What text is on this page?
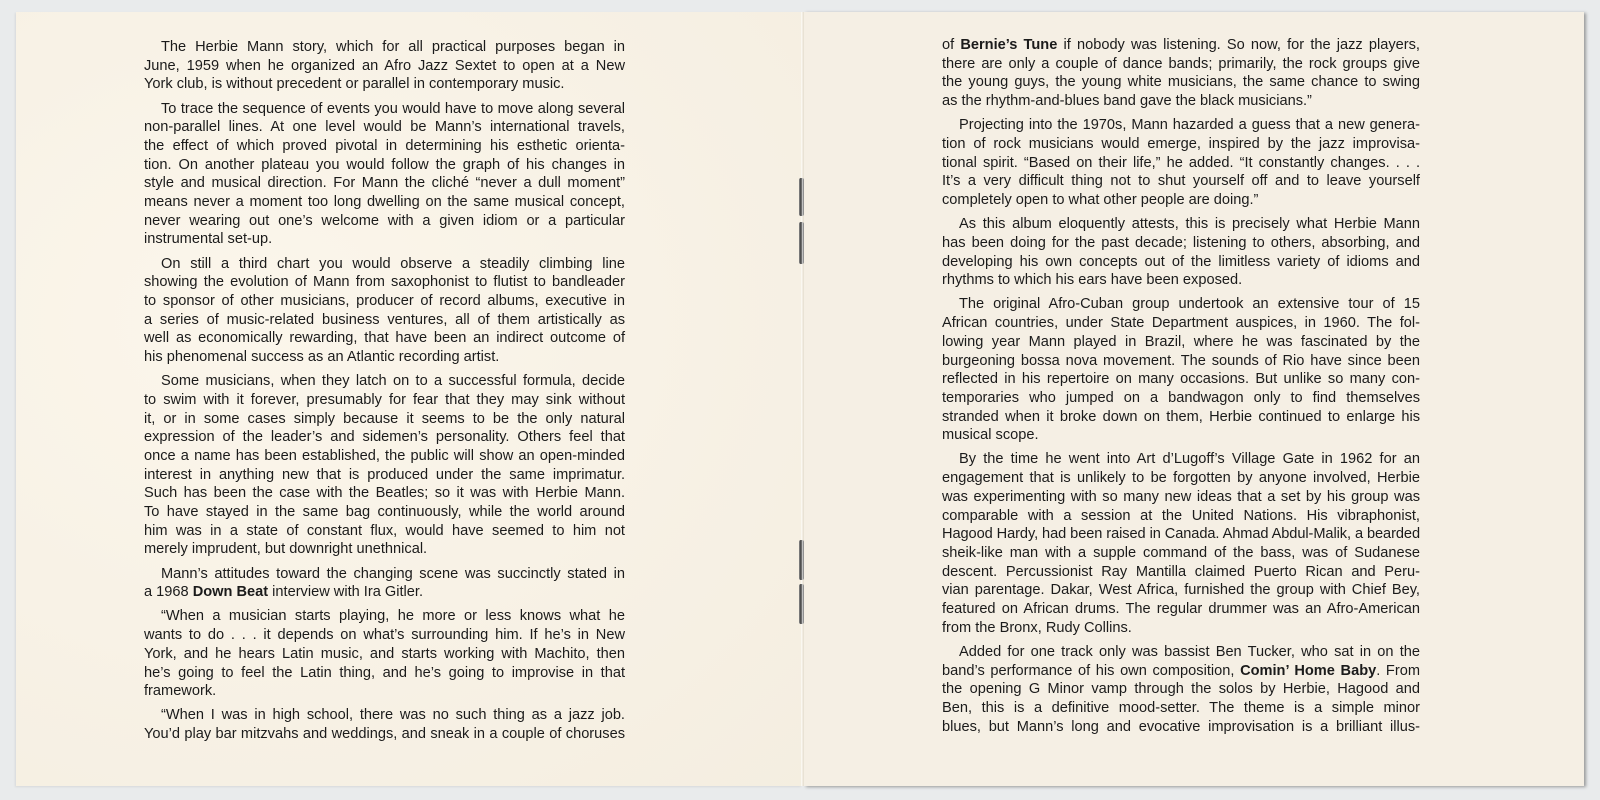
The Herbie Mann story, which for all practical purposes began in
June, 1959 when he organized an Afro Jazz Sextet to open at a New
York club, is without precedent or parallel in contemporary music.
To trace the sequence of events you would have to move along several
non-parallel lines. At one level would be Mann’s international travels,
the effect of which proved pivotal in determining his esthetic orienta-
tion. On another plateau you would follow the graph of his changes in
style and musical direction. For Mann the cliché “never a dull moment”
means never a moment too long dwelling on the same musical concept,
never wearing out one’s welcome with a given idiom or a particular
instrumental set-up.
On still a third chart you would observe a steadily climbing line
showing the evolution of Mann from saxophonist to flutist to bandleader
to sponsor of other musicians, producer of record albums, executive in
a series of music-related business ventures, all of them artistically as
well as economically rewarding, that have been an indirect outcome of
his phenomenal success as an Atlantic recording artist.
Some musicians, when they latch on to a successful formula, decide
to swim with it forever, presumably for fear that they may sink without
it, or in some cases simply because it seems to be the only natural
expression of the leader’s and sidemen’s personality. Others feel that
once a name has been established, the public will show an open-minded
interest in anything new that is produced under the same imprimatur.
Such has been the case with the Beatles; so it was with Herbie Mann.
To have stayed in the same bag continuously, while the world around
him was in a state of constant flux, would have seemed to him not
merely imprudent, but downright unethnical.
Mann’s attitudes toward the changing scene was succinctly stated in
a 1968 Down Beat interview with Ira Gitler.
“When a musician starts playing, he more or less knows what he
wants to do . . . it depends on what’s surrounding him. If he’s in New
York, and he hears Latin music, and starts working with Machito, then
he’s going to feel the Latin thing, and he’s going to improvise in that
framework.
“When I was in high school, there was no such thing as a jazz job.
You’d play bar mitzvahs and weddings, and sneak in a couple of choruses
of Bernie’s Tune if nobody was listening. So now, for the jazz players,
there are only a couple of dance bands; primarily, the rock groups give
the young guys, the young white musicians, the same chance to swing
as the rhythm-and-blues band gave the black musicians.”
Projecting into the 1970s, Mann hazarded a guess that a new genera-
tion of rock musicians would emerge, inspired by the jazz improvisa-
tional spirit. “Based on their life,” he added. “It constantly changes. . . .
It’s a very difficult thing not to shut yourself off and to leave yourself
completely open to what other people are doing.”
As this album eloquently attests, this is precisely what Herbie Mann
has been doing for the past decade; listening to others, absorbing, and
developing his own concepts out of the limitless variety of idioms and
rhythms to which his ears have been exposed.
The original Afro-Cuban group undertook an extensive tour of 15
African countries, under State Department auspices, in 1960. The fol-
lowing year Mann played in Brazil, where he was fascinated by the
burgeoning bossa nova movement. The sounds of Rio have since been
reflected in his repertoire on many occasions. But unlike so many con-
temporaries who jumped on a bandwagon only to find themselves
stranded when it broke down on them, Herbie continued to enlarge his
musical scope.
By the time he went into Art d’Lugoff’s Village Gate in 1962 for an
engagement that is unlikely to be forgotten by anyone involved, Herbie
was experimenting with so many new ideas that a set by his group was
comparable with a session at the United Nations. His vibraphonist,
Hagood Hardy, had been raised in Canada. Ahmad Abdul-Malik, a bearded
sheik-like man with a supple command of the bass, was of Sudanese
descent. Percussionist Ray Mantilla claimed Puerto Rican and Peru-
vian parentage. Dakar, West Africa, furnished the group with Chief Bey,
featured on African drums. The regular drummer was an Afro-American
from the Bronx, Rudy Collins.
Added for one track only was bassist Ben Tucker, who sat in on the
band’s performance of his own composition, Comin’ Home Baby. From
the opening G Minor vamp through the solos by Herbie, Hagood and
Ben, this is a definitive mood-setter. The theme is a simple minor
blues, but Mann’s long and evocative improvisation is a brilliant illus-
